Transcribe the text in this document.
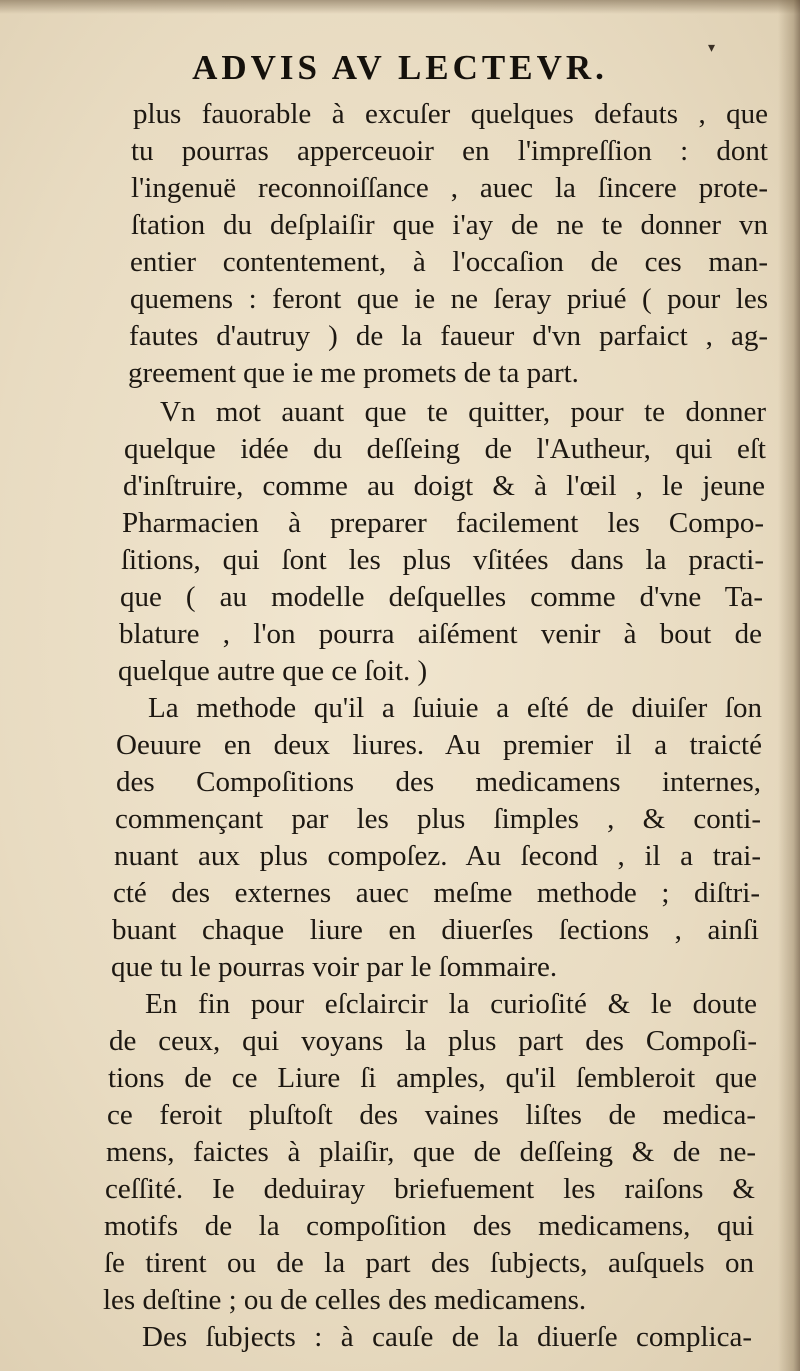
▾
ADVIS AV LECTEVR.
plus fauorable à excuſer quelques defauts , que
tu pourras apperceuoir en l'impreſſion : dont
l'ingenuë reconnoiſſance , auec la ſincere prote-
ſtation du deſplaiſir que i'ay de ne te donner vn
entier contentement, à l'occaſion de ces man-
quemens : feront que ie ne ſeray priué ( pour les
fautes d'autruy ) de la faueur d'vn parfaict , ag-
greement que ie me promets de ta part.
Vn mot auant que te quitter, pour te donner
quelque idée du deſſeing de l'Autheur, qui eſt
d'inſtruire, comme au doigt & à l'œil , le jeune
Pharmacien à preparer facilement les Compo-
ſitions, qui ſont les plus vſitées dans la practi-
que ( au modelle deſquelles comme d'vne Ta-
blature , l'on pourra aiſément venir à bout de
quelque autre que ce ſoit. )
La methode qu'il a ſuiuie a eſté de diuiſer ſon
Oeuure en deux liures. Au premier il a traicté
des Compoſitions des medicamens internes,
commençant par les plus ſimples , & conti-
nuant aux plus compoſez. Au ſecond , il a trai-
cté des externes auec meſme methode ; diſtri-
buant chaque liure en diuerſes ſections , ainſi
que tu le pourras voir par le ſommaire.
En fin pour eſclaircir la curioſité & le doute
de ceux, qui voyans la plus part des Compoſi-
tions de ce Liure ſi amples, qu'il ſembleroit que
ce feroit pluſtoſt des vaines liſtes de medica-
mens, faictes à plaiſir, que de deſſeing & de ne-
ceſſité. Ie deduiray briefuement les raiſons &
motifs de la compoſition des medicamens, qui
ſe tirent ou de la part des ſubjects, auſquels on
les deſtine ; ou de celles des medicamens.
Des ſubjects : à cauſe de la diuerſe complica-
